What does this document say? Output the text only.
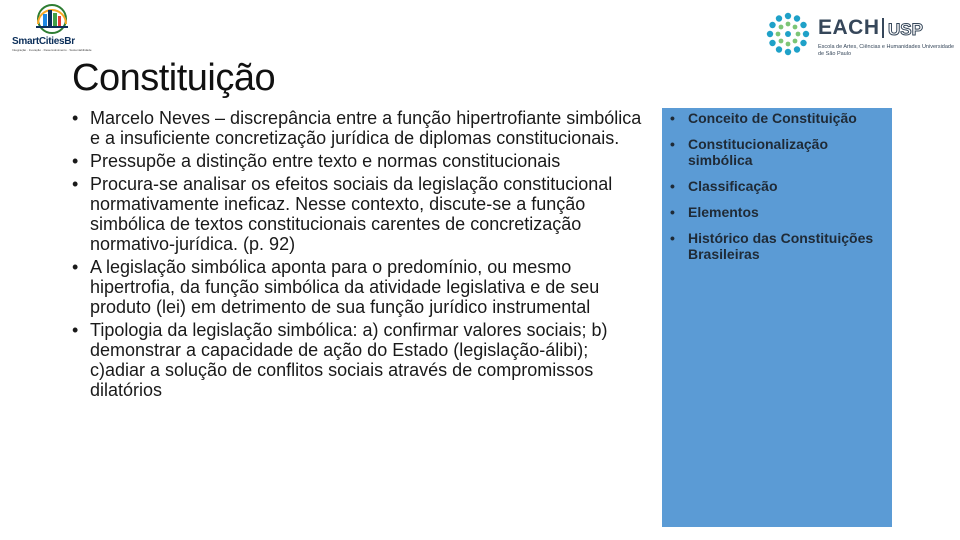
SmartCitiesBr
Integração · Inovação · Desenvolvimento · Sustentabilidade
EACH USP
Escola de Artes, Ciências e Humanidades Universidade de São Paulo
Constituição
• Marcelo Neves – discrepância entre a função hipertrofiante simbólica e a insuficiente concretização jurídica de diplomas constitucionais.
• Pressupõe a distinção entre texto e normas constitucionais
• Procura-se analisar os efeitos sociais da legislação constitucional normativamente ineficaz. Nesse contexto, discute-se a função simbólica de textos constitucionais carentes de concretização normativo-jurídica. (p. 92)
• A legislação simbólica aponta para o predomínio, ou mesmo hipertrofia, da função simbólica da atividade legislativa e de seu produto (lei) em detrimento de sua função jurídico instrumental
• Tipologia da legislação simbólica: a) confirmar valores sociais; b) demonstrar a capacidade de ação do Estado (legislação-álibi); c)adiar a solução de conflitos sociais através de compromissos dilatórios
• Conceito de Constituição
• Constitucionalização simbólica
• Classificação
• Elementos
• Histórico das Constituições Brasileiras
